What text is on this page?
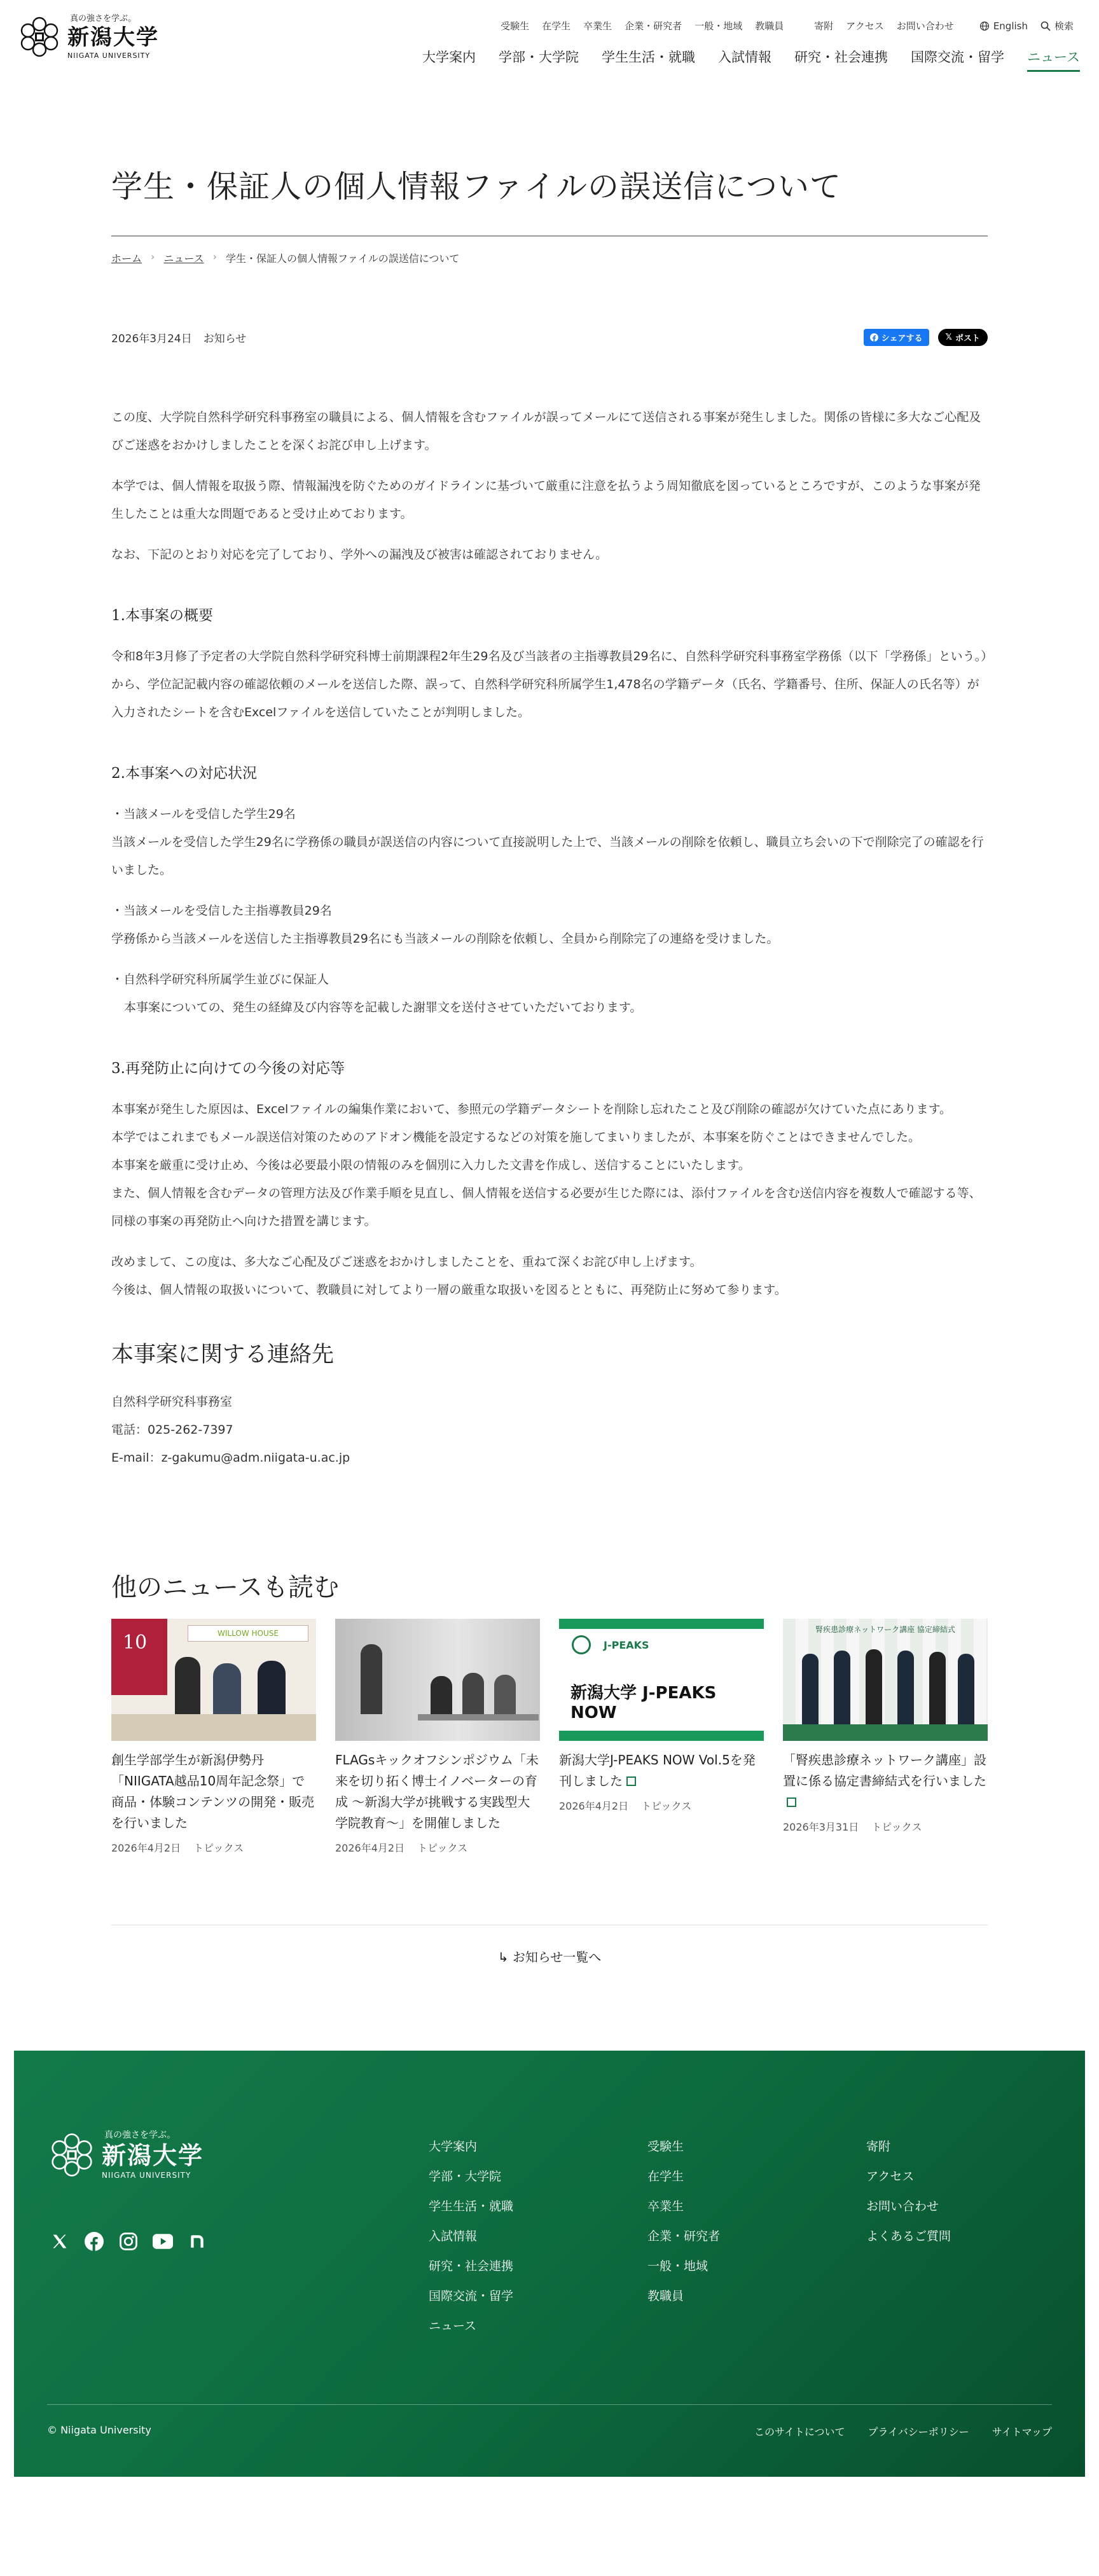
真の強さを学ぶ。
新潟大学
NIIGATA UNIVERSITY
受験生 在学生 卒業生 企業・研究者 一般・地域 教職員	寄附 アクセス お問い合わせ	English	検索
大学案内 学部・大学院 学生生活・就職 入試情報 研究・社会連携 国際交流・留学 ニュース
学生・保証人の個人情報ファイルの誤送信について
ホーム › ニュース › 学生・保証人の個人情報ファイルの誤送信について
2026年3月24日 お知らせ	シェアする	𝕏 ポスト

この度、大学院自然科学研究科事務室の職員による、個人情報を含むファイルが誤ってメールにて送信される事案が発生しました。関係の皆様に多大なご心配及びご迷惑をおかけしましたことを深くお詫び申し上げます。

本学では、個人情報を取扱う際、情報漏洩を防ぐためのガイドラインに基づいて厳重に注意を払うよう周知徹底を図っているところですが、このような事案が発生したことは重大な問題であると受け止めております。

なお、下記のとおり対応を完了しており、学外への漏洩及び被害は確認されておりません。

1.本事案の概要

令和8年3月修了予定者の大学院自然科学研究科博士前期課程2年生29名及び当該者の主指導教員29名に、自然科学研究科事務室学務係（以下「学務係」という。）から、学位記記載内容の確認依頼のメールを送信した際、誤って、自然科学研究科所属学生1,478名の学籍データ（氏名、学籍番号、住所、保証人の氏名等）が入力されたシートを含むExcelファイルを送信していたことが判明しました。

2.本事案への対応状況

・当該メールを受信した学生29名

当該メールを受信した学生29名に学務係の職員が誤送信の内容について直接説明した上で、当該メールの削除を依頼し、職員立ち会いの下で削除完了の確認を行いました。

・当該メールを受信した主指導教員29名

学務係から当該メールを送信した主指導教員29名にも当該メールの削除を依頼し、全員から削除完了の連絡を受けました。

・自然科学研究科所属学生並びに保証人

本事案についての、発生の経緯及び内容等を記載した謝罪文を送付させていただいております。

3.再発防止に向けての今後の対応等

本事案が発生した原因は、Excelファイルの編集作業において、参照元の学籍データシートを削除し忘れたこと及び削除の確認が欠けていた点にあります。

本学ではこれまでもメール誤送信対策のためのアドオン機能を設定するなどの対策を施してまいりましたが、本事案を防ぐことはできませんでした。

本事案を厳重に受け止め、今後は必要最小限の情報のみを個別に入力した文書を作成し、送信することにいたします。

また、個人情報を含むデータの管理方法及び作業手順を見直し、個人情報を送信する必要が生じた際には、添付ファイルを含む送信内容を複数人で確認する等、同様の事案の再発防止へ向けた措置を講じます。

改めまして、この度は、多大なご心配及びご迷惑をおかけしましたことを、重ねて深くお詫び申し上げます。

今後は、個人情報の取扱いについて、教職員に対してより一層の厳重な取扱いを図るとともに、再発防止に努めて参ります。

本事案に関する連絡先
自然科学研究科事務室
電話：025-262-7397
E-mail：z-gakumu@adm.niigata-u.ac.jp
他のニュースも読む
10	WILLOW HOUSE
創生学部学生が新潟伊勢丹「NIIGATA越品10周年記念祭」で商品・体験コンテンツの開発・販売を行いました
2026年4月2日 トピックス
FLAGsキックオフシンポジウム「未来を切り拓く博士イノベーターの育成 〜新潟大学が挑戦する実践型大学院教育〜」を開催しました
2026年4月2日 トピックス
J-PEAKS
新潟大学 J-PEAKS NOW
新潟大学J-PEAKS NOW Vol.5を発刊しました
2026年4月2日 トピックス
腎疾患診療ネットワーク講座 協定締結式
「腎疾患診療ネットワーク講座」設置に係る協定書締結式を行いました
2026年3月31日 トピックス
↳ お知らせ一覧へ
真の強さを学ぶ。
新潟大学
NIIGATA UNIVERSITY
大学案内
学部・大学院
学生生活・就職
入試情報
研究・社会連携
国際交流・留学
ニュース
受験生
在学生
卒業生
企業・研究者
一般・地域
教職員
寄附
アクセス
お問い合わせ
よくあるご質問
© Niigata University	このサイトについて プライバシーポリシー サイトマップ
